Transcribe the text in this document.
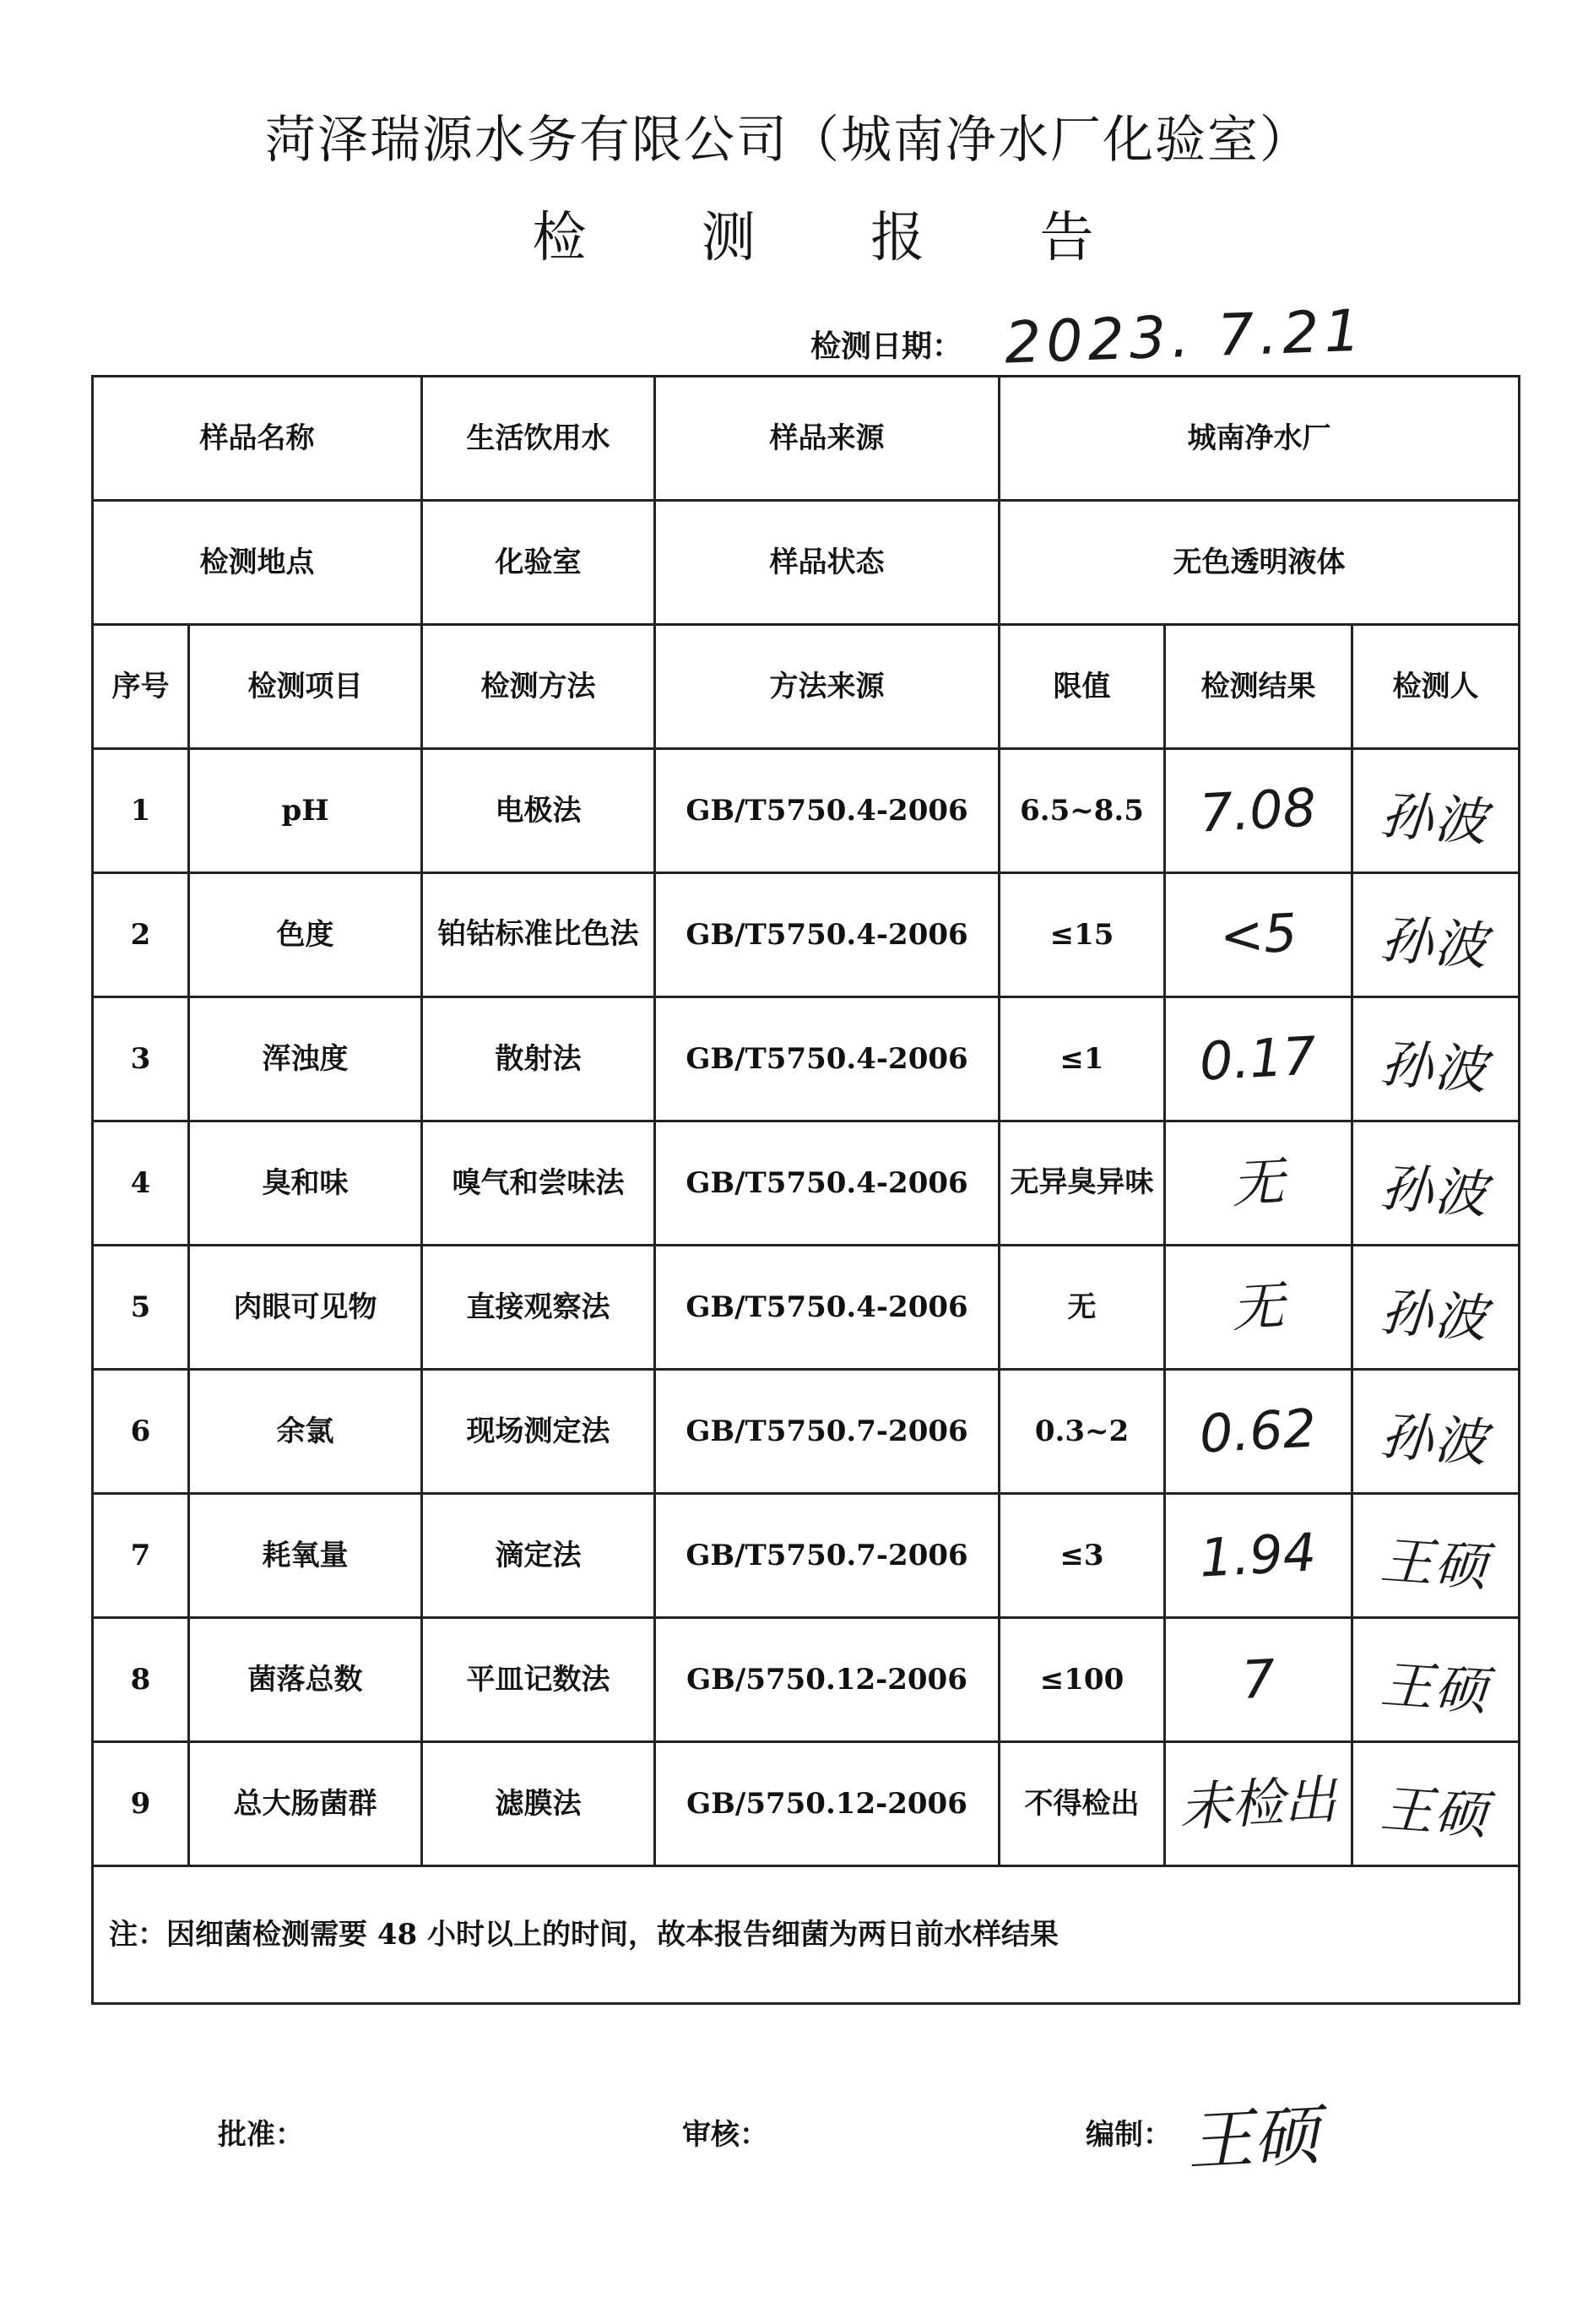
菏泽瑞源水务有限公司（城南净水厂化验室）
检 测 报 告
检测日期： 2023. 7.21
样品名称		生活饮用水	样品来源	城南净水厂		
检测地点		化验室	样品状态	无色透明液体		
序号	检测项目	检测方法	方法来源	限值	检测结果	检测人
1	pH	电极法	GB/T5750.4-2006	6.5~8.5	7.08	孙波
2	色度	铂钴标准比色法	GB/T5750.4-2006	≤15	<5	孙波
3	浑浊度	散射法	GB/T5750.4-2006	≤1	0.17	孙波
4	臭和味	嗅气和尝味法	GB/T5750.4-2006	无异臭异味	无	孙波
5	肉眼可见物	直接观察法	GB/T5750.4-2006	无	无	孙波
6	余氯	现场测定法	GB/T5750.7-2006	0.3~2	0.62	孙波
7	耗氧量	滴定法	GB/T5750.7-2006	≤3	1.94	王硕
8	菌落总数	平皿记数法	GB/5750.12-2006	≤100	7	王硕
9	总大肠菌群	滤膜法	GB/5750.12-2006	不得检出	未检出	王硕
注：因细菌检测需要 48 小时以上的时间，故本报告细菌为两日前水样结果						
批准：	审核：	编制： 王硕
